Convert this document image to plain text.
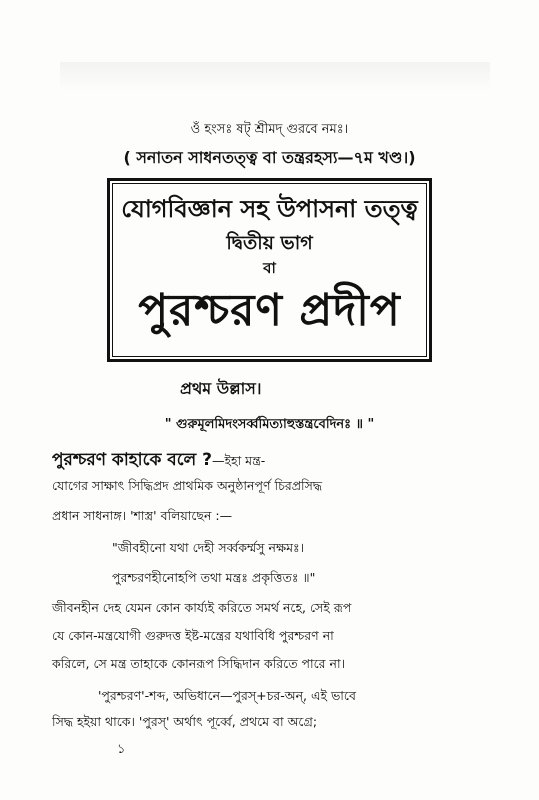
ওঁ হংসঃ ষট্ শ্রীমদ্ গুরবে নমঃ।
( সনাতন সাধনতত্ত্ব বা তন্ত্ররহস্য—৭ম খণ্ড।)
যোগবিজ্ঞান সহ উপাসনা তত্ত্ব
দ্বিতীয় ভাগ
বা
পুরশ্চরণ প্রদীপ
প্রথম উল্লাস।
" গুরুমূলমিদংসর্ব্বমিত্যাহুস্তন্ত্রবেদিনঃ ॥ "
পুরশ্চরণ কাহাকে বলে ?—ইহা মন্ত্র-
যোগের সাক্ষাৎ সিদ্ধিপ্রদ প্রাথমিক অনুষ্ঠানপূর্ণ চিরপ্রসিদ্ধ
প্রধান সাধনাঙ্গ। 'শাস্ত্র' বলিয়াছেন :—
"জীবহীনো যথা দেহী সর্ব্বকর্ম্মসু নক্ষমঃ।
পুরশ্চরণহীনোহপি তথা মন্ত্রঃ প্রকৃত্তিতঃ ॥"
জীবনহীন দেহ যেমন কোন কার্য্যই করিতে সমর্থ নহে, সেই রূপ
যে কোন-মন্ত্রযোগী গুরুদত্ত ইষ্ট-মন্ত্রের যথাবিধি পুরশ্চরণ না
করিলে, সে মন্ত্র তাহাকে কোনরূপ সিদ্ধিদান করিতে পারে না।
'পুরশ্চরণ'-শব্দ, অভিধানে—পুরস্+চর-অন্, এই ভাবে
সিদ্ধ হইয়া থাকে। 'পুরস্' অর্থাৎ পূর্ব্বে, প্রথমে বা অগ্রে;
১
